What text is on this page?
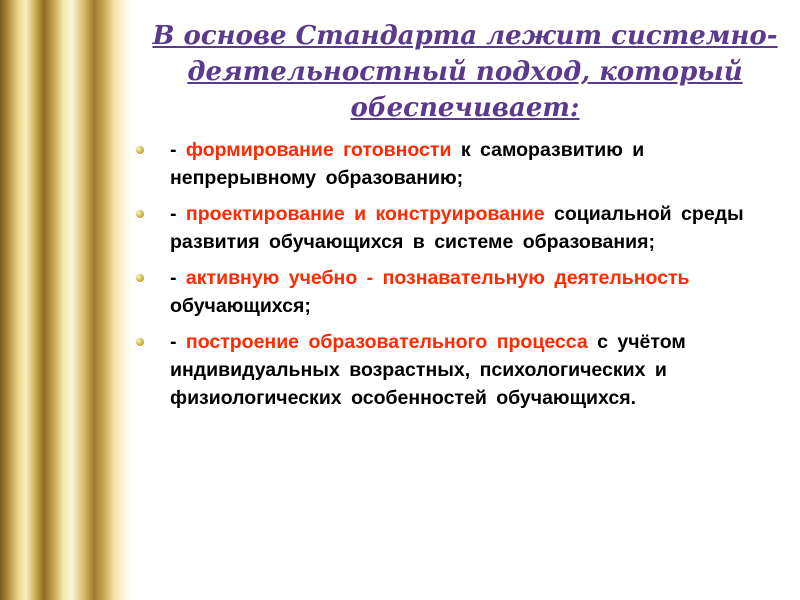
В основе Стандарта лежит системно-деятельностный подход, который обеспечивает:
- формирование готовности к саморазвитию и непрерывному образованию;
- проектирование и конструирование социальной среды развития обучающихся в системе образования;
- активную учебно - познавательную деятельность обучающихся;
- построение образовательного процесса с учётом индивидуальных возрастных, психологических и физиологических особенностей обучающихся.
